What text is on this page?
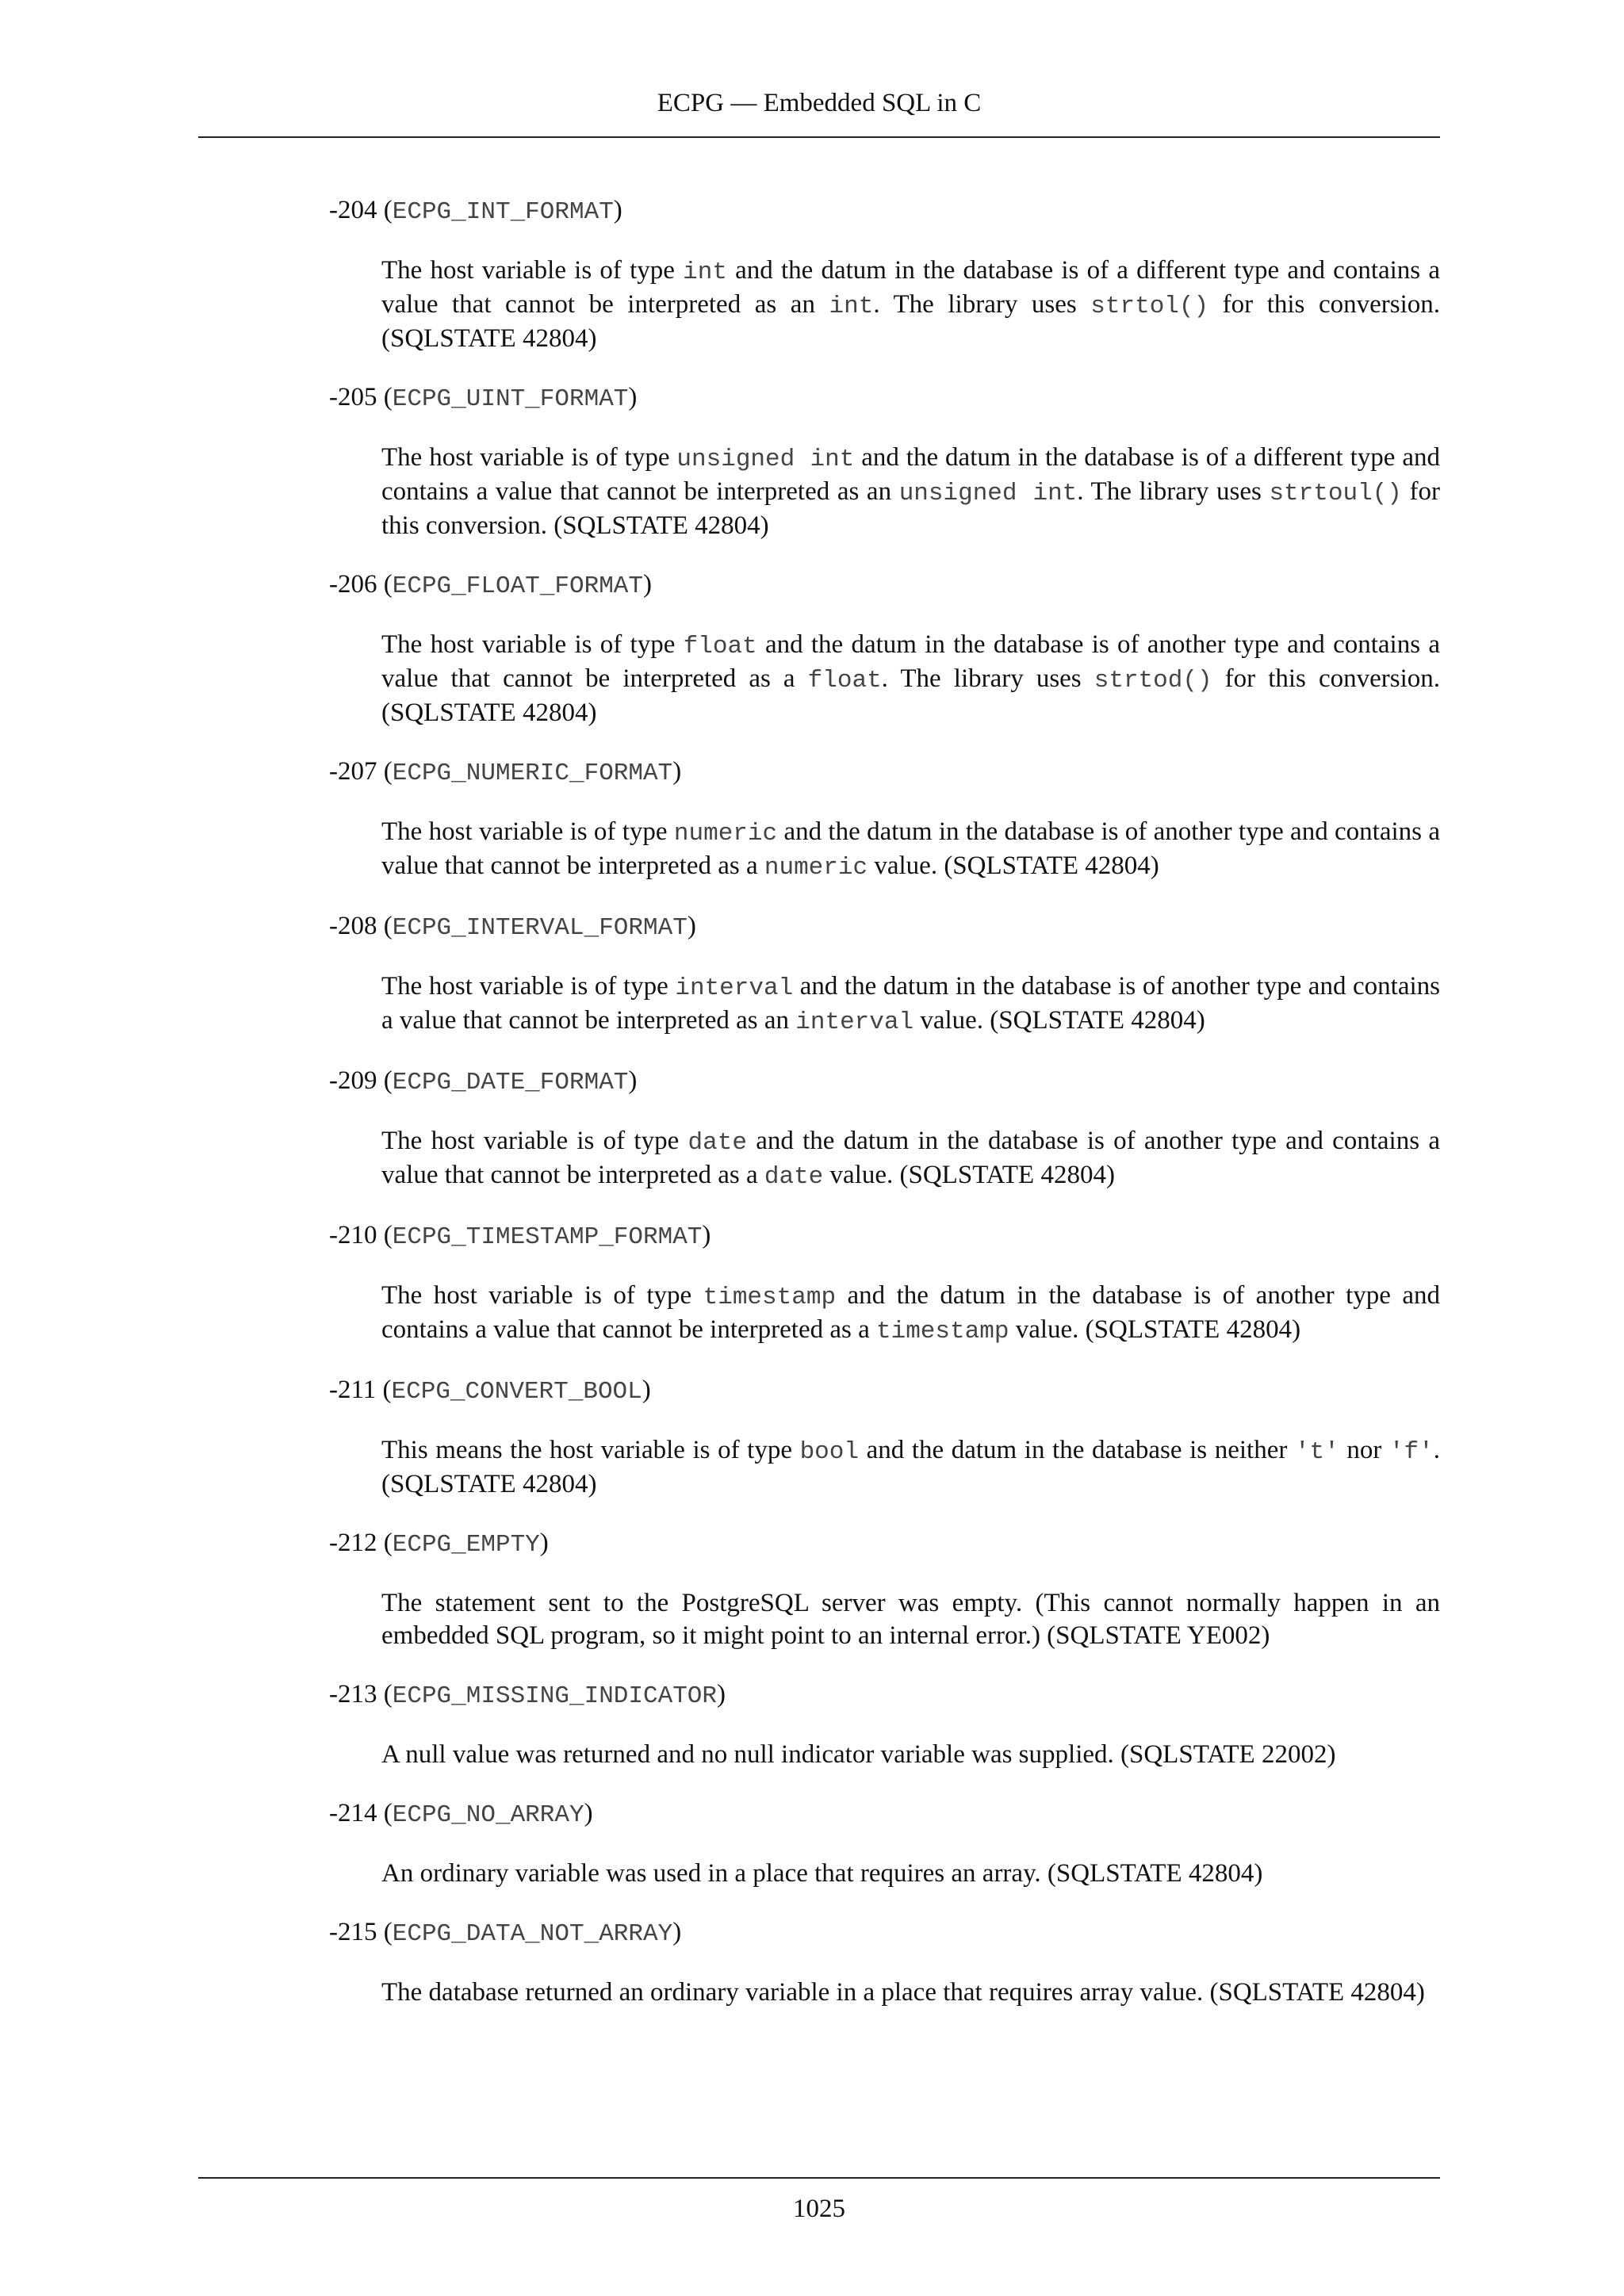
ECPG — Embedded SQL in C
-204 (ECPG_INT_FORMAT)
The host variable is of type int and the datum in the database is of a different type and contains a value that cannot be interpreted as an int. The library uses strtol() for this conversion. (SQLSTATE 42804)
-205 (ECPG_UINT_FORMAT)
The host variable is of type unsigned int and the datum in the database is of a different type and contains a value that cannot be interpreted as an unsigned int. The library uses strtoul() for this conversion. (SQLSTATE 42804)
-206 (ECPG_FLOAT_FORMAT)
The host variable is of type float and the datum in the database is of another type and contains a value that cannot be interpreted as a float. The library uses strtod() for this conversion. (SQLSTATE 42804)
-207 (ECPG_NUMERIC_FORMAT)
The host variable is of type numeric and the datum in the database is of another type and contains a value that cannot be interpreted as a numeric value. (SQLSTATE 42804)
-208 (ECPG_INTERVAL_FORMAT)
The host variable is of type interval and the datum in the database is of another type and contains a value that cannot be interpreted as an interval value. (SQLSTATE 42804)
-209 (ECPG_DATE_FORMAT)
The host variable is of type date and the datum in the database is of another type and contains a value that cannot be interpreted as a date value. (SQLSTATE 42804)
-210 (ECPG_TIMESTAMP_FORMAT)
The host variable is of type timestamp and the datum in the database is of another type and contains a value that cannot be interpreted as a timestamp value. (SQLSTATE 42804)
-211 (ECPG_CONVERT_BOOL)
This means the host variable is of type bool and the datum in the database is neither 't' nor 'f'. (SQLSTATE 42804)
-212 (ECPG_EMPTY)
The statement sent to the PostgreSQL server was empty. (This cannot normally happen in an embedded SQL program, so it might point to an internal error.) (SQLSTATE YE002)
-213 (ECPG_MISSING_INDICATOR)
A null value was returned and no null indicator variable was supplied. (SQLSTATE 22002)
-214 (ECPG_NO_ARRAY)
An ordinary variable was used in a place that requires an array. (SQLSTATE 42804)
-215 (ECPG_DATA_NOT_ARRAY)
The database returned an ordinary variable in a place that requires array value. (SQLSTATE 42804)
1025
